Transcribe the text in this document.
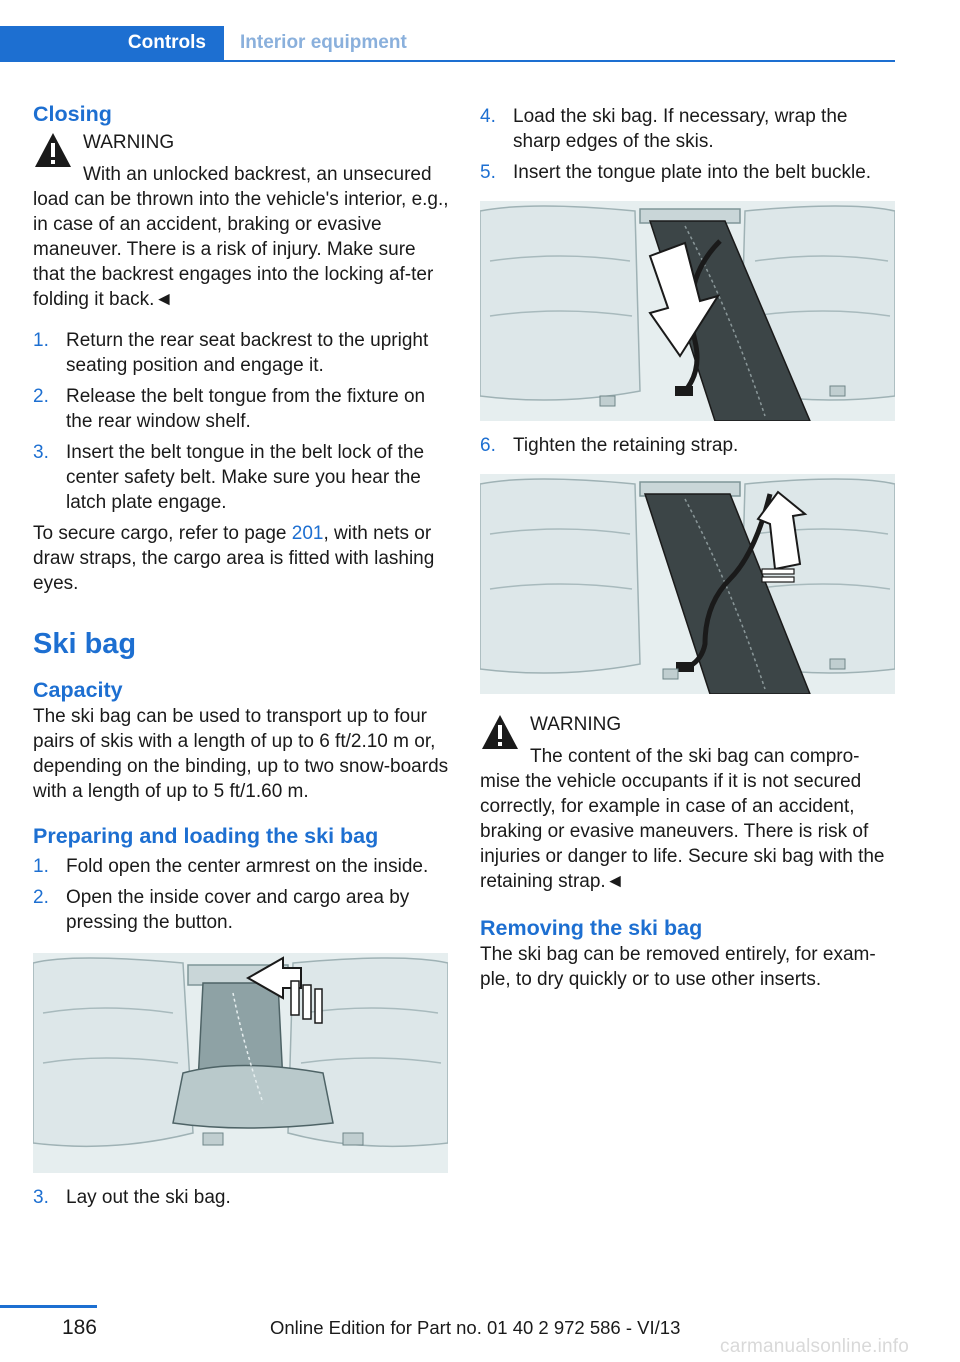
Controls	Interior equipment
Closing
WARNING
With an unlocked backrest, an unsecured
load can be thrown into the vehicle's interior, e.g., in case of an accident, braking or evasive maneuver. There is a risk of injury. Make sure that the backrest engages into the locking af-ter folding it back.◄
1. Return the rear seat backrest to the upright seating position and engage it.
2. Release the belt tongue from the fixture on the rear window shelf.
3. Insert the belt tongue in the belt lock of the center safety belt. Make sure you hear the latch plate engage.

To secure cargo, refer to page 201, with nets or draw straps, the cargo area is fitted with lashing eyes.

Ski bag
Capacity

The ski bag can be used to transport up to four pairs of skis with a length of up to 6 ft/2.10 m or, depending on the binding, up to two snow-boards with a length of up to 5 ft/1.60 m.

Preparing and loading the ski bag
1. Fold open the center armrest on the inside.
2. Open the inside cover and cargo area by pressing the button.
3. Lay out the ski bag.
4. Load the ski bag. If necessary, wrap the sharp edges of the skis.
5. Insert the tongue plate into the belt buckle.
6. Tighten the retaining strap.
WARNING
The content of the ski bag can compro-
mise the vehicle occupants if it is not secured correctly, for example in case of an accident, braking or evasive maneuvers. There is risk of injuries or danger to life. Secure ski bag with the retaining strap.◄
Removing the ski bag

The ski bag can be removed entirely, for exam-ple, to dry quickly or to use other inserts.

186	Online Edition for Part no. 01 40 2 972 586 - VI/13
carmanualsonline.info
